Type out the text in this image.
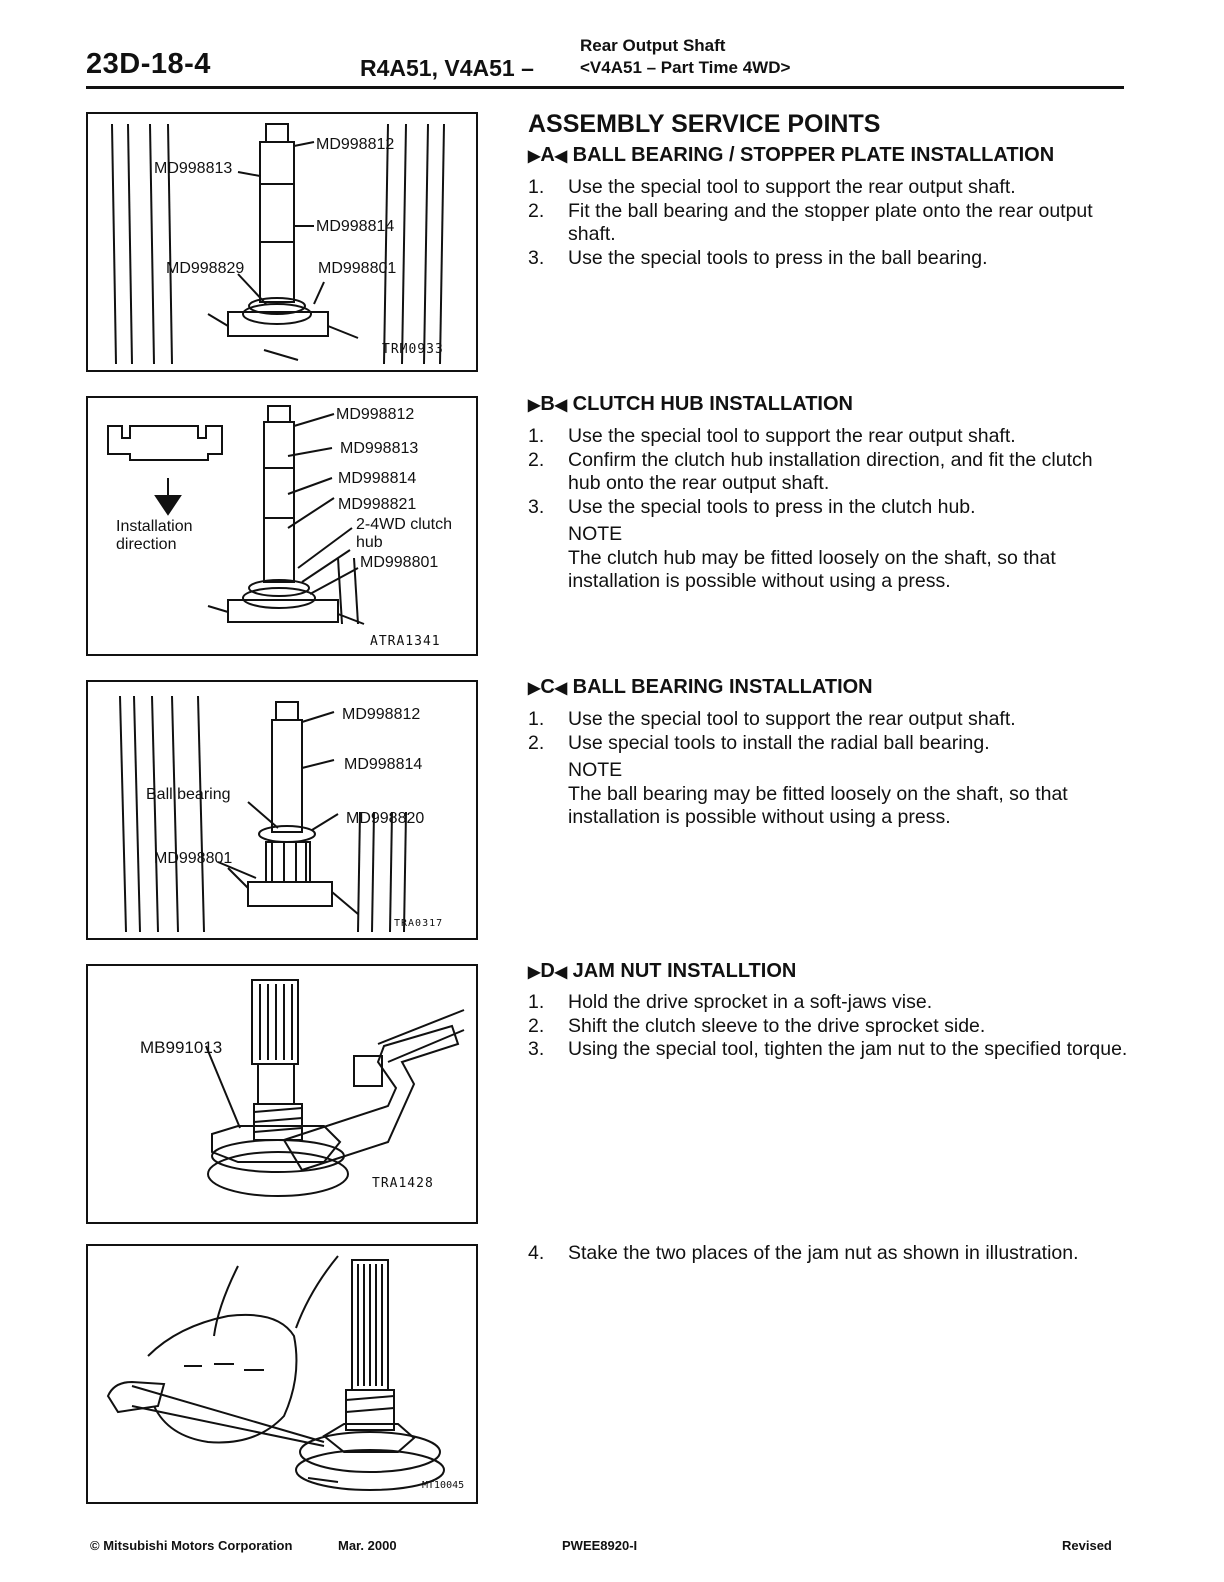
23D-18-4	R4A51, V4A51 –
Rear Output Shaft
<V4A51 – Part Time 4WD>
MD998812
MD998813
MD998814
MD998829	MD998801
TRM0933
MD998812
MD998813
MD998814
MD998821
2-4WD clutch
hub
MD998801
Installation
direction
ATRA1341
MD998812
MD998814
Ball bearing
MD998820
MD998801
TRA0317
MB991013
TRA1428
MT10045
ASSEMBLY SERVICE POINTS
▶A◀ BALL BEARING / STOPPER PLATE INSTALLATION
1.	Use the special tool to support the rear output shaft.
2.	Fit the ball bearing and the stopper plate onto the rear output shaft.
3.	Use the special tools to press in the ball bearing.
▶B◀ CLUTCH HUB INSTALLATION
1.	Use the special tool to support the rear output shaft.
2.	Confirm the clutch hub installation direction, and fit the clutch hub onto the rear output shaft.
3.	Use the special tools to press in the clutch hub.
NOTE
The clutch hub may be fitted loosely on the shaft, so that installation is possible without using a press.
▶C◀ BALL BEARING INSTALLATION
1.	Use the special tool to support the rear output shaft.
2.	Use special tools to install the radial ball bearing.
NOTE
The ball bearing may be fitted loosely on the shaft, so that installation is possible without using a press.
▶D◀ JAM NUT INSTALLTION
1.	Hold the drive sprocket in a soft-jaws vise.
2.	Shift the clutch sleeve to the drive sprocket side.
3.	Using the special tool, tighten the jam nut to the specified torque.
4.	Stake the two places of the jam nut as shown in illustration.
© Mitsubishi Motors Corporation	Mar. 2000	PWEE8920-I	Revised
